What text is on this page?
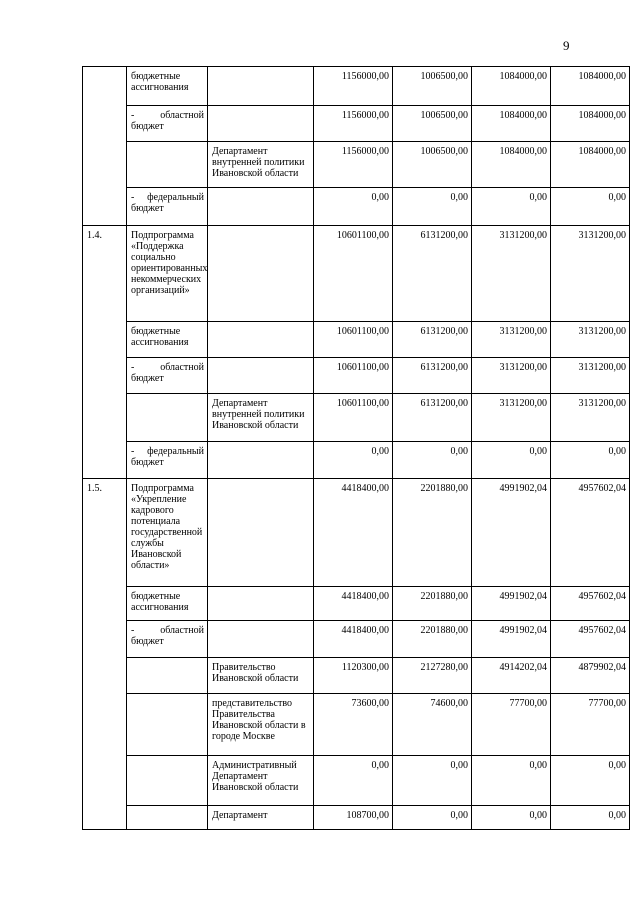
9
	бюджетные ассигнования		1156000,00	1006500,00	1084000,00	1084000,00
	- областной бюджет		1156000,00	1006500,00	1084000,00	1084000,00
		Департамент внутренней политики Ивановской области	1156000,00	1006500,00	1084000,00	1084000,00
	- федеральный бюджет		0,00	0,00	0,00	0,00
1.4.	Подпрограмма «Поддержка социально ориентированных некоммерческих организаций»		10601100,00	6131200,00	3131200,00	3131200,00
	бюджетные ассигнования		10601100,00	6131200,00	3131200,00	3131200,00
	- областной бюджет		10601100,00	6131200,00	3131200,00	3131200,00
		Департамент внутренней политики Ивановской области	10601100,00	6131200,00	3131200,00	3131200,00
	- федеральный бюджет		0,00	0,00	0,00	0,00
1.5.	Подпрограмма «Укрепление кадрового потенциала государственной службы Ивановской области»		4418400,00	2201880,00	4991902,04	4957602,04
	бюджетные ассигнования		4418400,00	2201880,00	4991902,04	4957602,04
	- областной бюджет		4418400,00	2201880,00	4991902,04	4957602,04
		Правительство Ивановской области	1120300,00	2127280,00	4914202,04	4879902,04
		представительство Правительства Ивановской области в городе Москве	73600,00	74600,00	77700,00	77700,00
		Административный Департамент Ивановской области	0,00	0,00	0,00	0,00
		Департамент	108700,00	0,00	0,00	0,00
